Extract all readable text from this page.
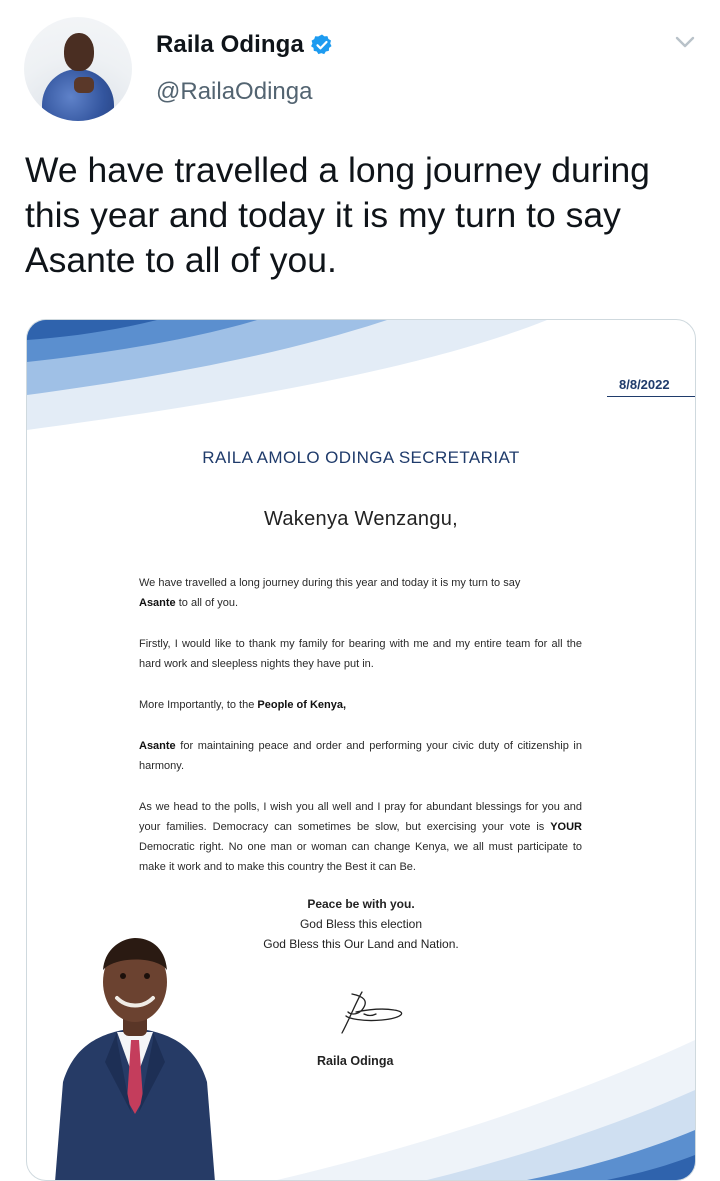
Raila Odinga
@RailaOdinga
We have travelled a long journey during this year and today it is my turn to say Asante to all of you.
8/8/2022
RAILA AMOLO ODINGA SECRETARIAT
Wakenya Wenzangu,

We have travelled a long journey during this year and today it is my turn to say
Asante to all of you.

Firstly, I would like to thank my family for bearing with me and my entire team for all the hard work and sleepless nights they have put in.

More Importantly, to the People of Kenya,

Asante for maintaining peace and order and performing your civic duty of citizenship in harmony.

As we head to the polls, I wish you all well and I pray for abundant blessings for you and your families. Democracy can sometimes be slow, but exercising your vote is YOUR Democratic right. No one man or woman can change Kenya, we all must participate to make it work and to make this country the Best it can Be.

Peace be with you.
God Bless this election
God Bless this Our Land and Nation.
Raila Odinga
